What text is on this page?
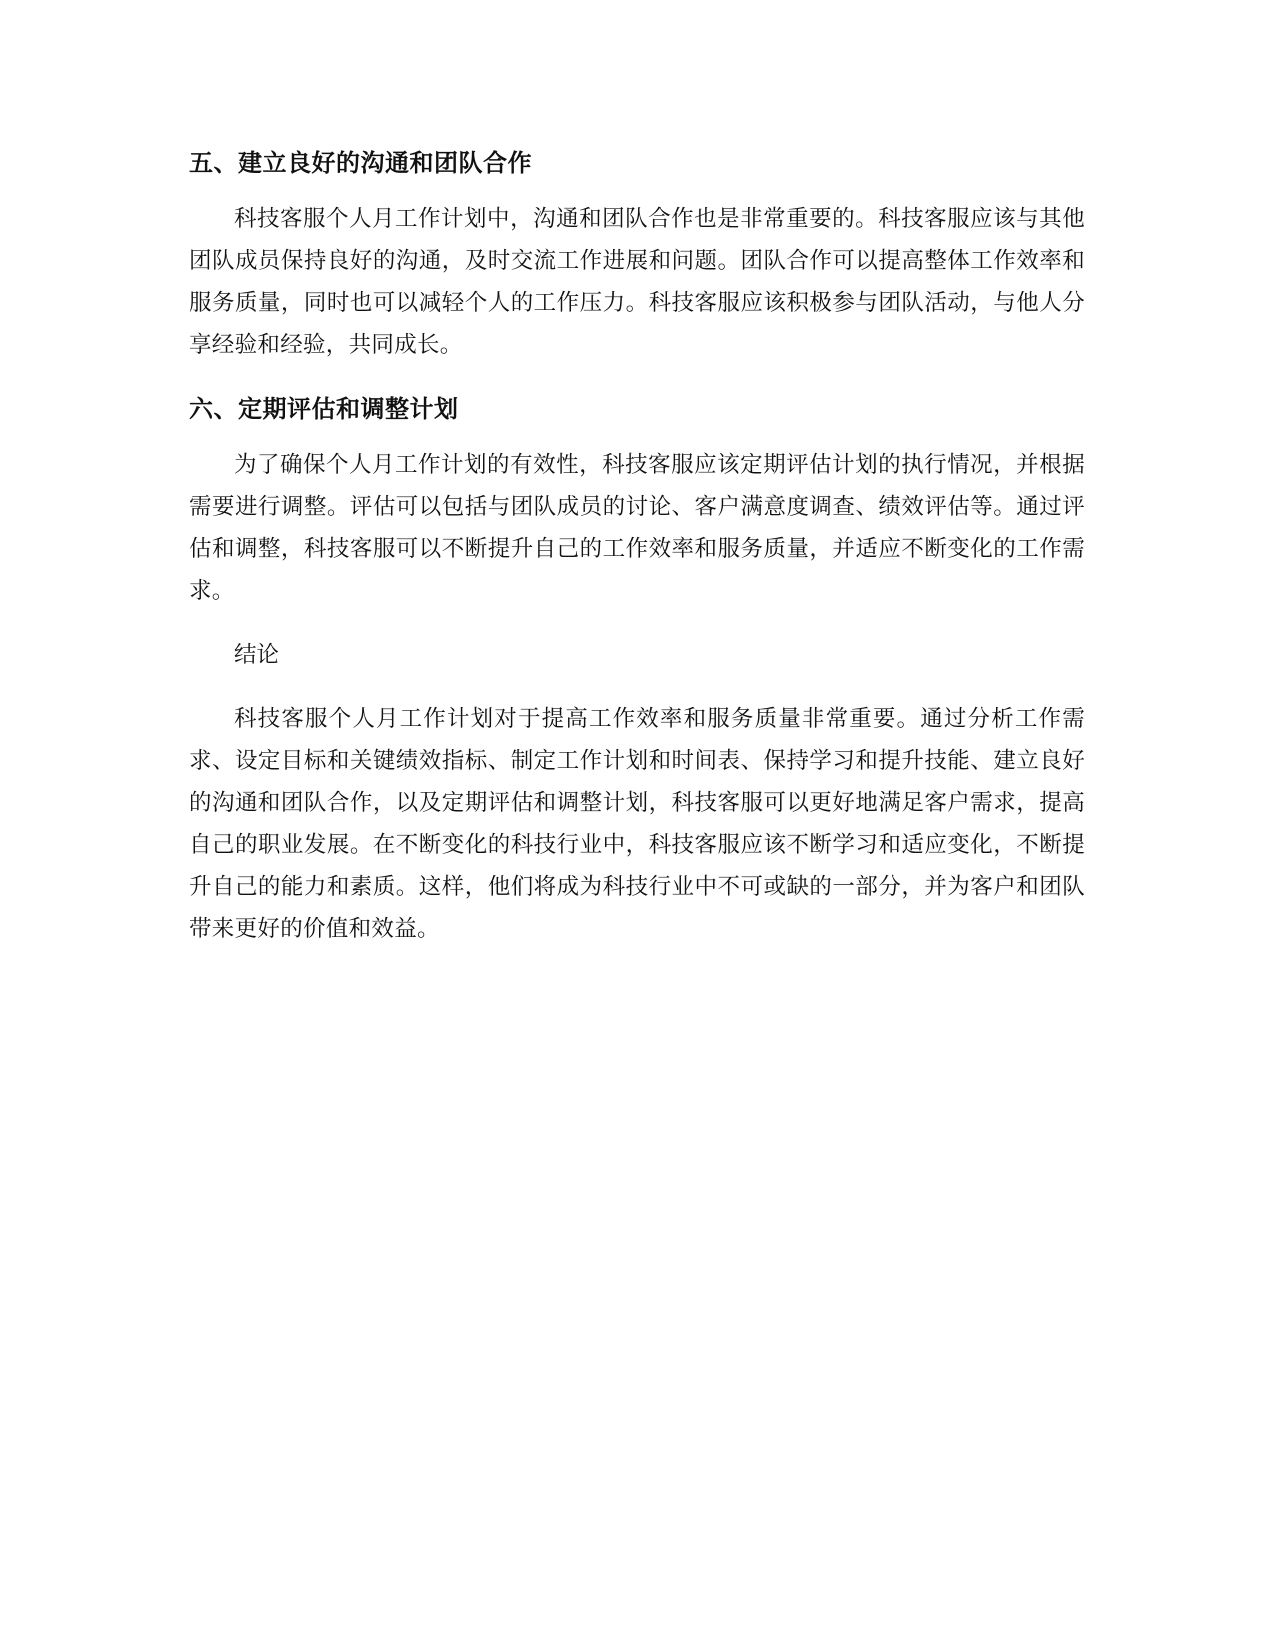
五、建立良好的沟通和团队合作

科技客服个人月工作计划中，沟通和团队合作也是非常重要的。科技客服应该与其他团队成员保持良好的沟通，及时交流工作进展和问题。团队合作可以提高整体工作效率和服务质量，同时也可以减轻个人的工作压力。科技客服应该积极参与团队活动，与他人分享经验和经验，共同成长。

六、定期评估和调整计划

为了确保个人月工作计划的有效性，科技客服应该定期评估计划的执行情况，并根据需要进行调整。评估可以包括与团队成员的讨论、客户满意度调查、绩效评估等。通过评估和调整，科技客服可以不断提升自己的工作效率和服务质量，并适应不断变化的工作需求。

结论

科技客服个人月工作计划对于提高工作效率和服务质量非常重要。通过分析工作需求、设定目标和关键绩效指标、制定工作计划和时间表、保持学习和提升技能、建立良好的沟通和团队合作，以及定期评估和调整计划，科技客服可以更好地满足客户需求，提高自己的职业发展。在不断变化的科技行业中，科技客服应该不断学习和适应变化，不断提升自己的能力和素质。这样，他们将成为科技行业中不可或缺的一部分，并为客户和团队带来更好的价值和效益。
